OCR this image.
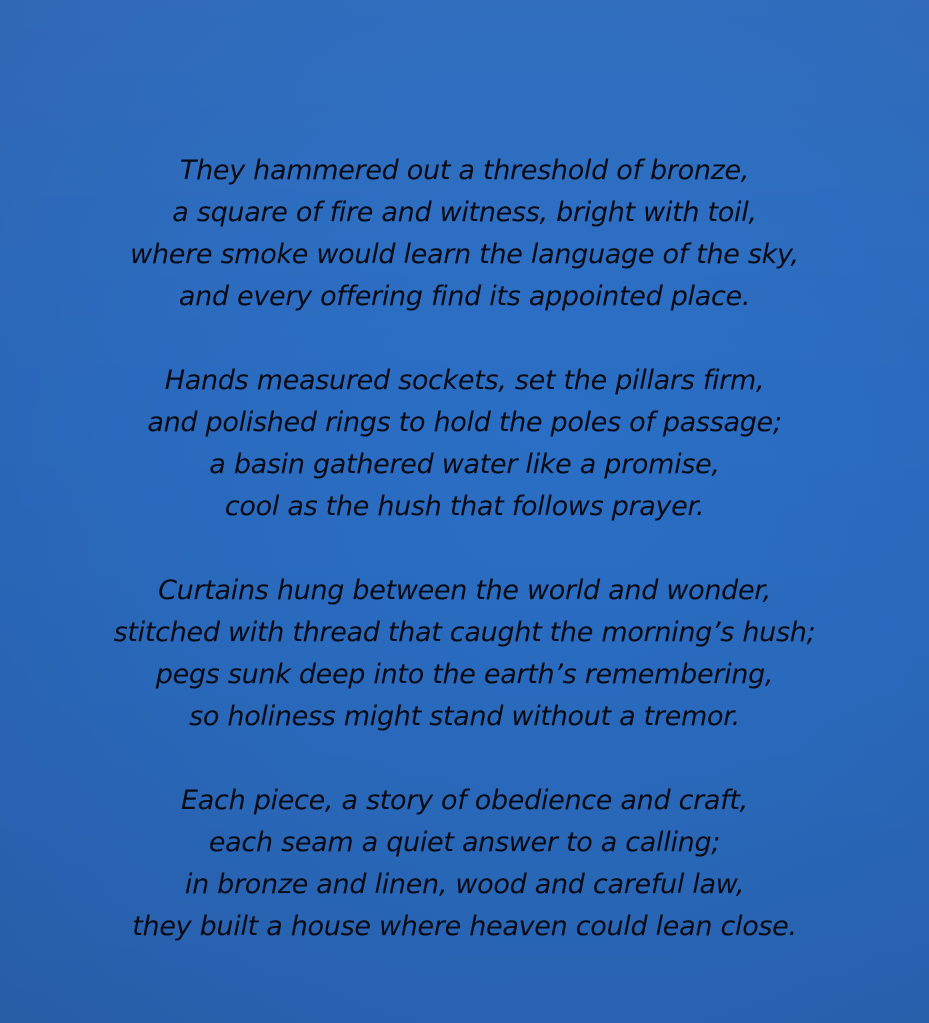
They hammered out a threshold of bronze,
a square of fire and witness, bright with toil,
where smoke would learn the language of the sky,
and every offering find its appointed place.
Hands measured sockets, set the pillars firm,
and polished rings to hold the poles of passage;
a basin gathered water like a promise,
cool as the hush that follows prayer.
Curtains hung between the world and wonder,
stitched with thread that caught the morning’s hush;
pegs sunk deep into the earth’s remembering,
so holiness might stand without a tremor.
Each piece, a story of obedience and craft,
each seam a quiet answer to a calling;
in bronze and linen, wood and careful law,
they built a house where heaven could lean close.
